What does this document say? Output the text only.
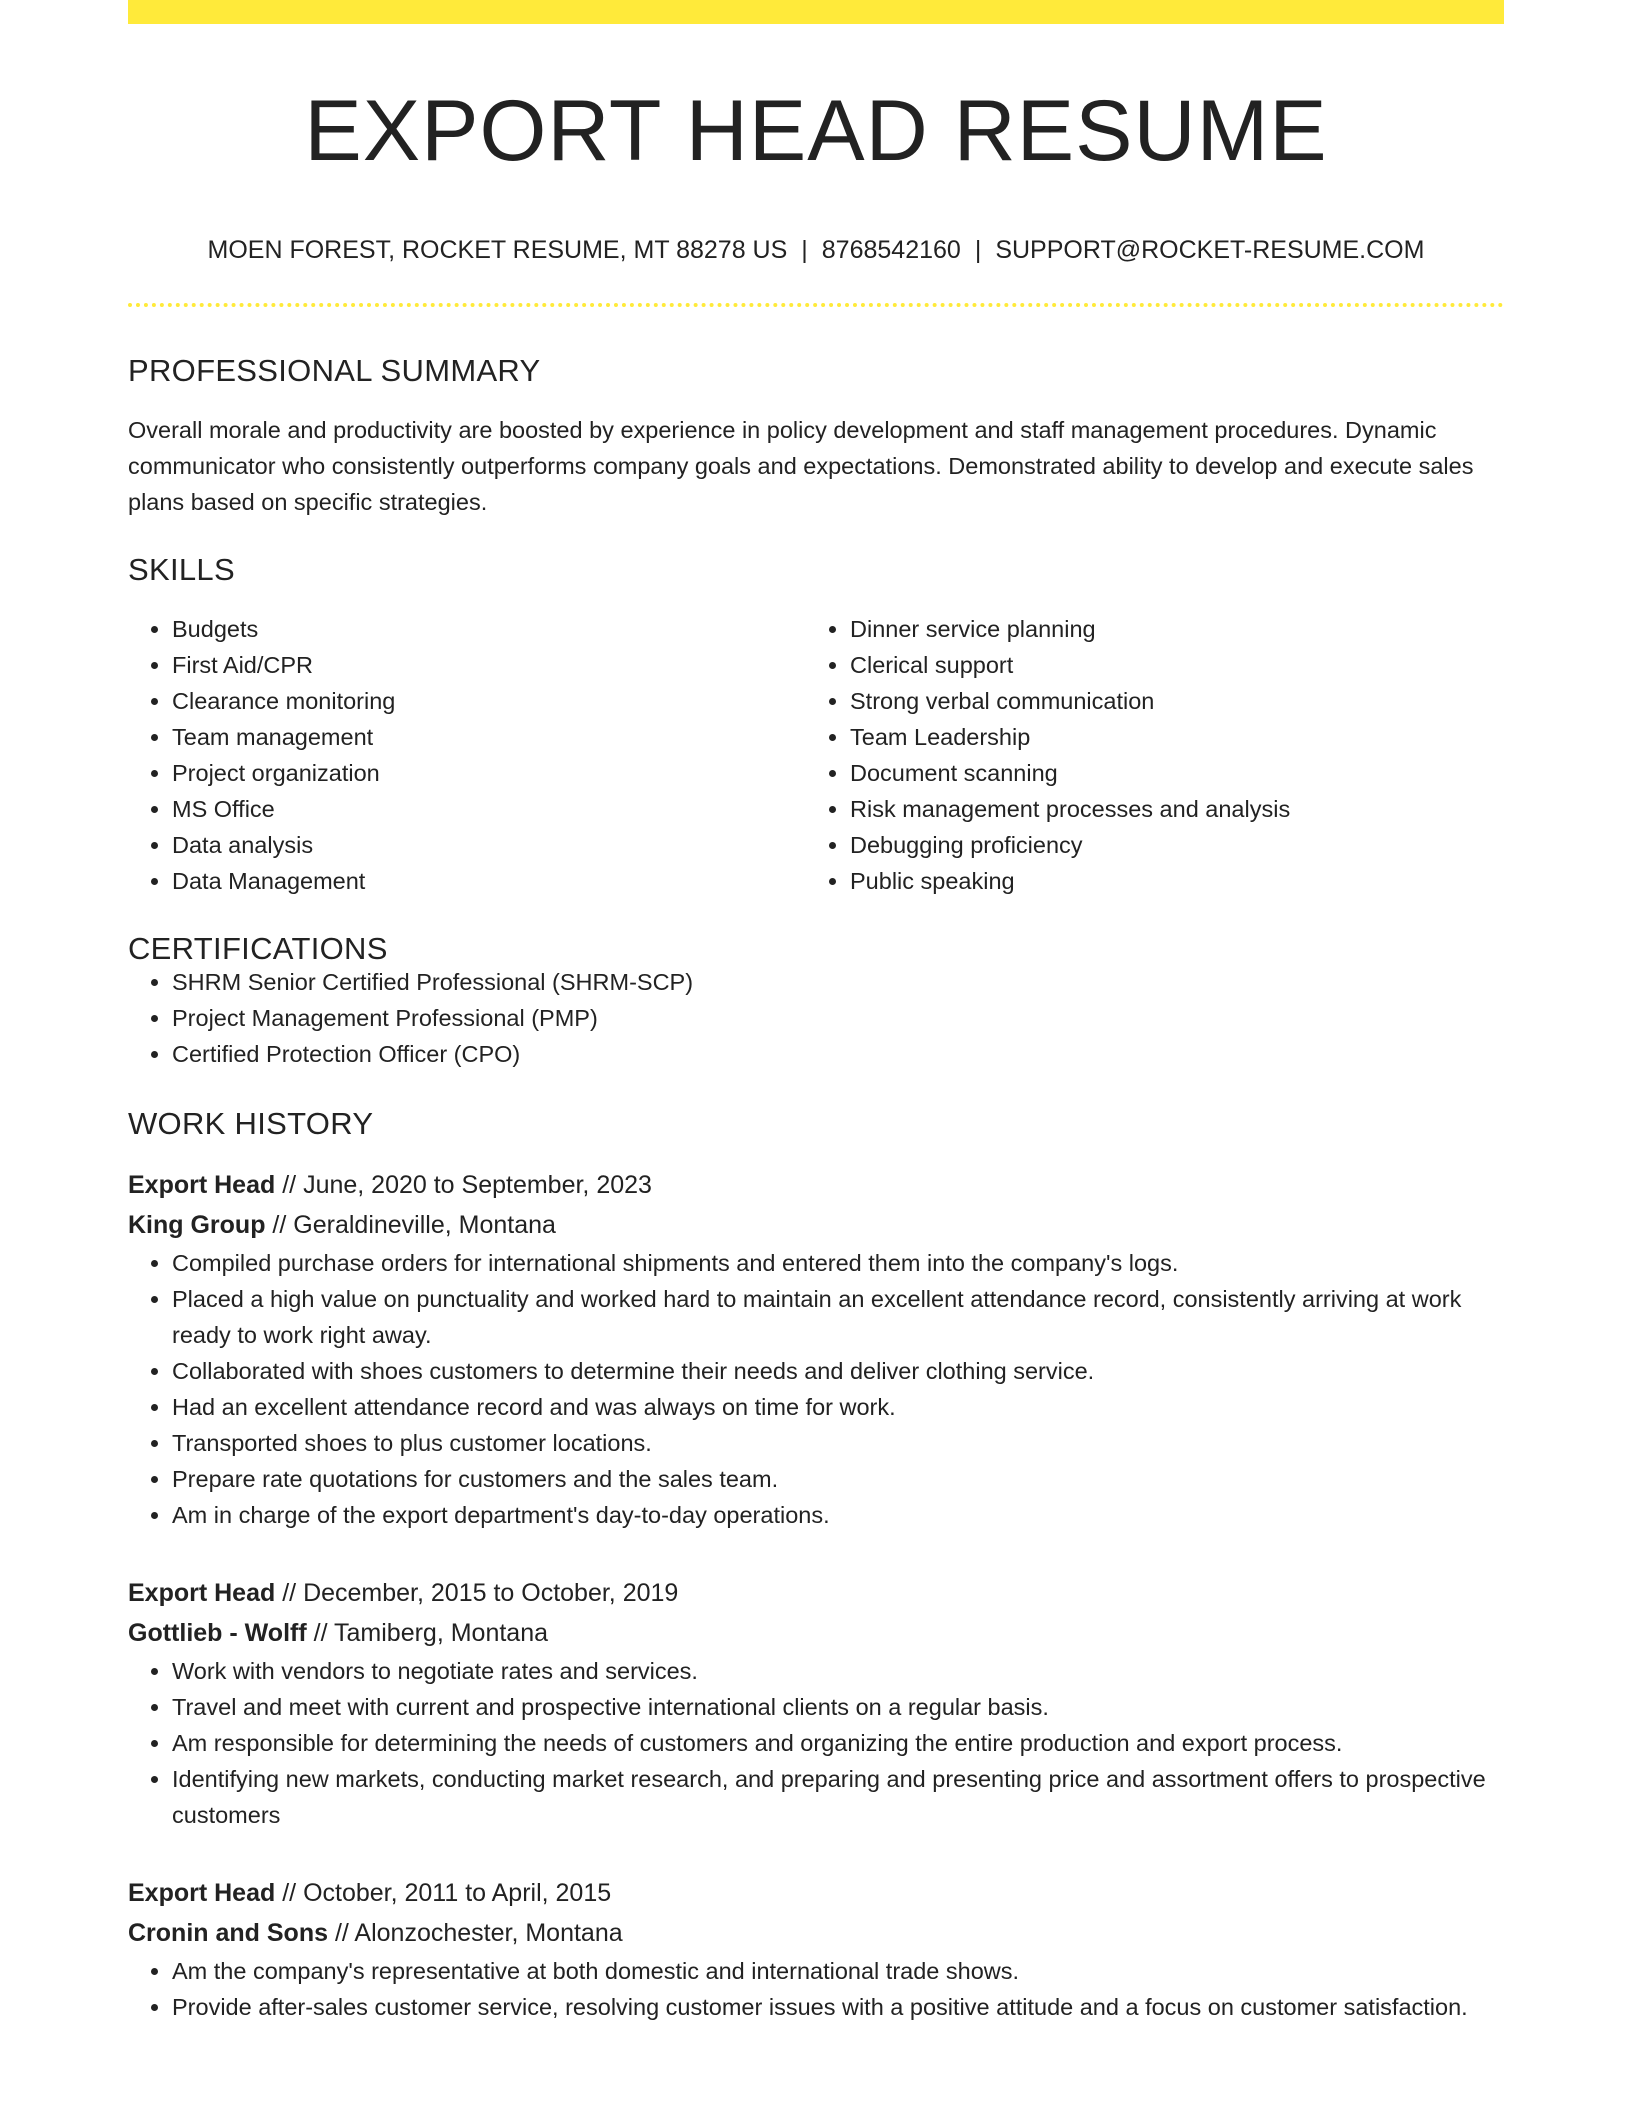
EXPORT HEAD RESUME
MOEN FOREST, ROCKET RESUME, MT 88278 US | 8768542160 | SUPPORT@ROCKET-RESUME.COM
PROFESSIONAL SUMMARY

Overall morale and productivity are boosted by experience in policy development and staff management procedures. Dynamic communicator who consistently outperforms company goals and expectations. Demonstrated ability to develop and execute sales plans based on specific strategies.

SKILLS
• Budgets
• First Aid/CPR
• Clearance monitoring
• Team management
• Project organization
• MS Office
• Data analysis
• Data Management
• Dinner service planning
• Clerical support
• Strong verbal communication
• Team Leadership
• Document scanning
• Risk management processes and analysis
• Debugging proficiency
• Public speaking
CERTIFICATIONS
• SHRM Senior Certified Professional (SHRM-SCP)
• Project Management Professional (PMP)
• Certified Protection Officer (CPO)
WORK HISTORY
Export Head // June, 2020 to September, 2023
King Group // Geraldineville, Montana
• Compiled purchase orders for international shipments and entered them into the company's logs.
• Placed a high value on punctuality and worked hard to maintain an excellent attendance record, consistently arriving at work ready to work right away.
• Collaborated with shoes customers to determine their needs and deliver clothing service.
• Had an excellent attendance record and was always on time for work.
• Transported shoes to plus customer locations.
• Prepare rate quotations for customers and the sales team.
• Am in charge of the export department's day-to-day operations.
Export Head // December, 2015 to October, 2019
Gottlieb - Wolff // Tamiberg, Montana
• Work with vendors to negotiate rates and services.
• Travel and meet with current and prospective international clients on a regular basis.
• Am responsible for determining the needs of customers and organizing the entire production and export process.
• Identifying new markets, conducting market research, and preparing and presenting price and assortment offers to prospective customers
Export Head // October, 2011 to April, 2015
Cronin and Sons // Alonzochester, Montana
• Am the company's representative at both domestic and international trade shows.
• Provide after-sales customer service, resolving customer issues with a positive attitude and a focus on customer satisfaction.
